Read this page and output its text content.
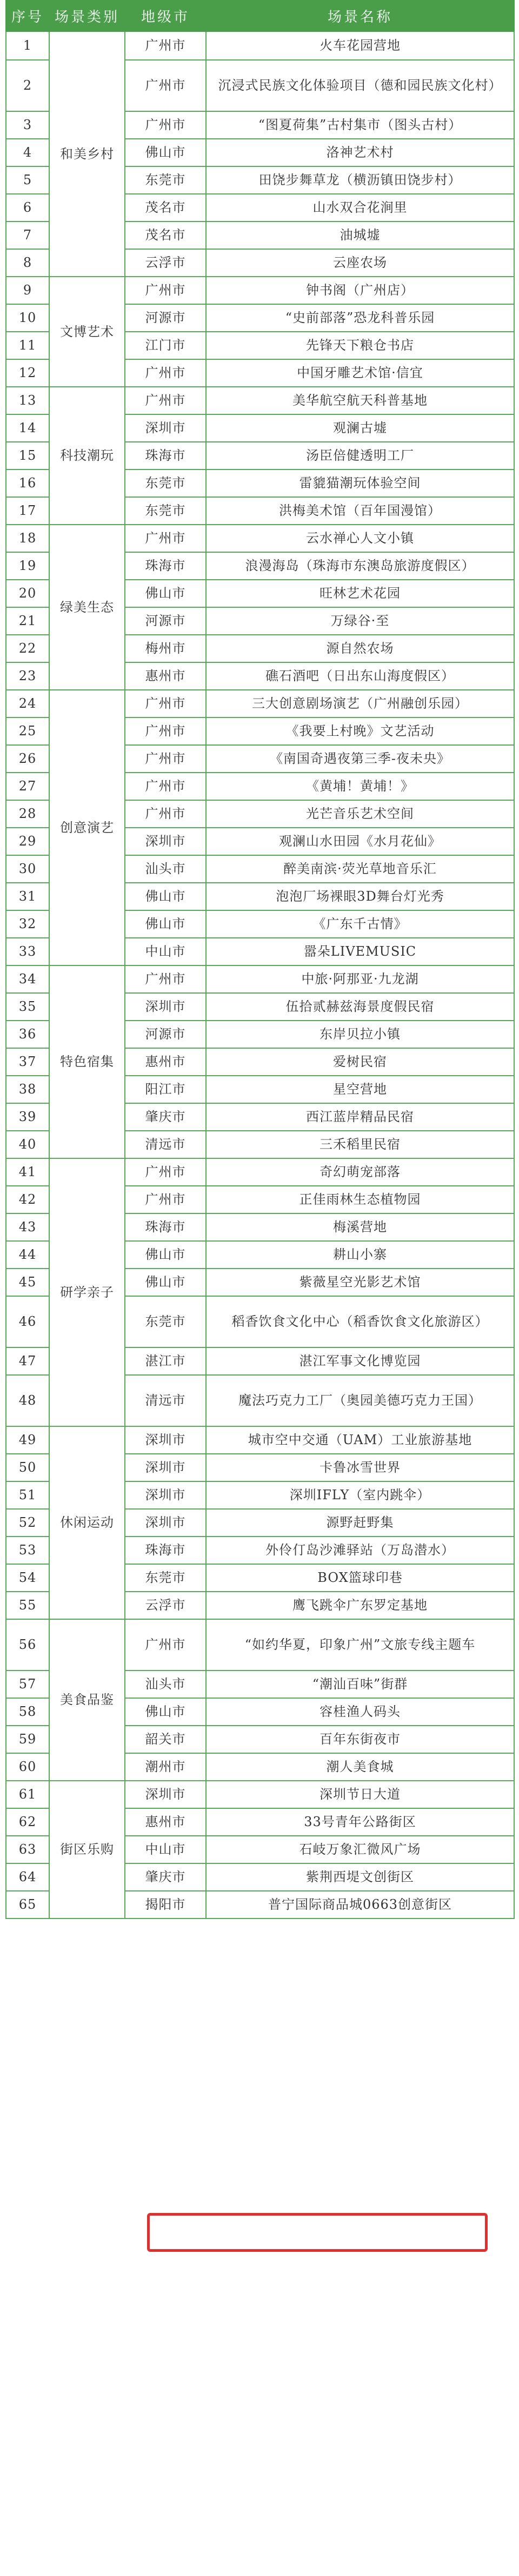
序号	场景类别	地级市	场景名称
1	和美乡村	广州市	火车花园营地
2		广州市	沉浸式民族文化体验项目（德和园民族文化村）
3		广州市	“图夏荷集”古村集市（图头古村）
4		佛山市	洛神艺术村
5		东莞市	田饶步舞草龙（横沥镇田饶步村）
6		茂名市	山水双合花涧里
7		茂名市	油城墟
8		云浮市	云座农场
9	文博艺术	广州市	钟书阁（广州店）
10		河源市	“史前部落”恐龙科普乐园
11		江门市	先锋天下粮仓书店
12		广州市	中国牙雕艺术馆·信宜
13	科技潮玩	广州市	美华航空航天科普基地
14		深圳市	观澜古墟
15		珠海市	汤臣倍健透明工厂
16		东莞市	雷貔猫潮玩体验空间
17		东莞市	洪梅美术馆（百年国漫馆）
18	绿美生态	广州市	云水禅心人文小镇
19		珠海市	浪漫海岛（珠海市东澳岛旅游度假区）
20		佛山市	旺林艺术花园
21		河源市	万绿谷·至
22		梅州市	源自然农场
23		惠州市	礁石酒吧（日出东山海度假区）
24	创意演艺	广州市	三大创意剧场演艺（广州融创乐园）
25		广州市	《我要上村晚》文艺活动
26		广州市	《南国奇遇夜第三季-夜未央》
27		广州市	《黄埔！黄埔！》
28		广州市	光芒音乐艺术空间
29		深圳市	观澜山水田园《水月花仙》
30		汕头市	醉美南滨·荧光草地音乐汇
31		佛山市	泡泡厂场裸眼3D舞台灯光秀
32		佛山市	《广东千古情》
33		中山市	嚣朵LIVEMUSIC
34	特色宿集	广州市	中旅·阿那亚·九龙湖
35		深圳市	伍拾贰赫兹海景度假民宿
36		河源市	东岸贝拉小镇
37		惠州市	爱树民宿
38		阳江市	星空营地
39		肇庆市	西江蓝岸精品民宿
40		清远市	三禾稻里民宿
41	研学亲子	广州市	奇幻萌宠部落
42		广州市	正佳雨林生态植物园
43		珠海市	梅溪营地
44		佛山市	耕山小寨
45		佛山市	紫薇星空光影艺术馆
46		东莞市	稻香饮食文化中心（稻香饮食文化旅游区）
47		湛江市	湛江军事文化博览园
48		清远市	魔法巧克力工厂（奥园美德巧克力王国）
49	休闲运动	深圳市	城市空中交通（UAM）工业旅游基地
50		深圳市	卡鲁冰雪世界
51		深圳市	深圳IFLY（室内跳伞）
52		深圳市	源野赶野集
53		珠海市	外伶仃岛沙滩驿站（万岛潜水）
54		东莞市	BOX篮球印巷
55		云浮市	鹰飞跳伞广东罗定基地
56	美食品鉴	广州市	“如约华夏，印象广州”文旅专线主题车
57		汕头市	“潮汕百味”街群
58		佛山市	容桂渔人码头
59		韶关市	百年东街夜市
60		潮州市	潮人美食城
61	街区乐购	深圳市	深圳节日大道
62		惠州市	33号青年公路街区
63		中山市	石岐万象汇微风广场
64		肇庆市	紫荆西堤文创街区
65		揭阳市	普宁国际商品城0663创意街区
